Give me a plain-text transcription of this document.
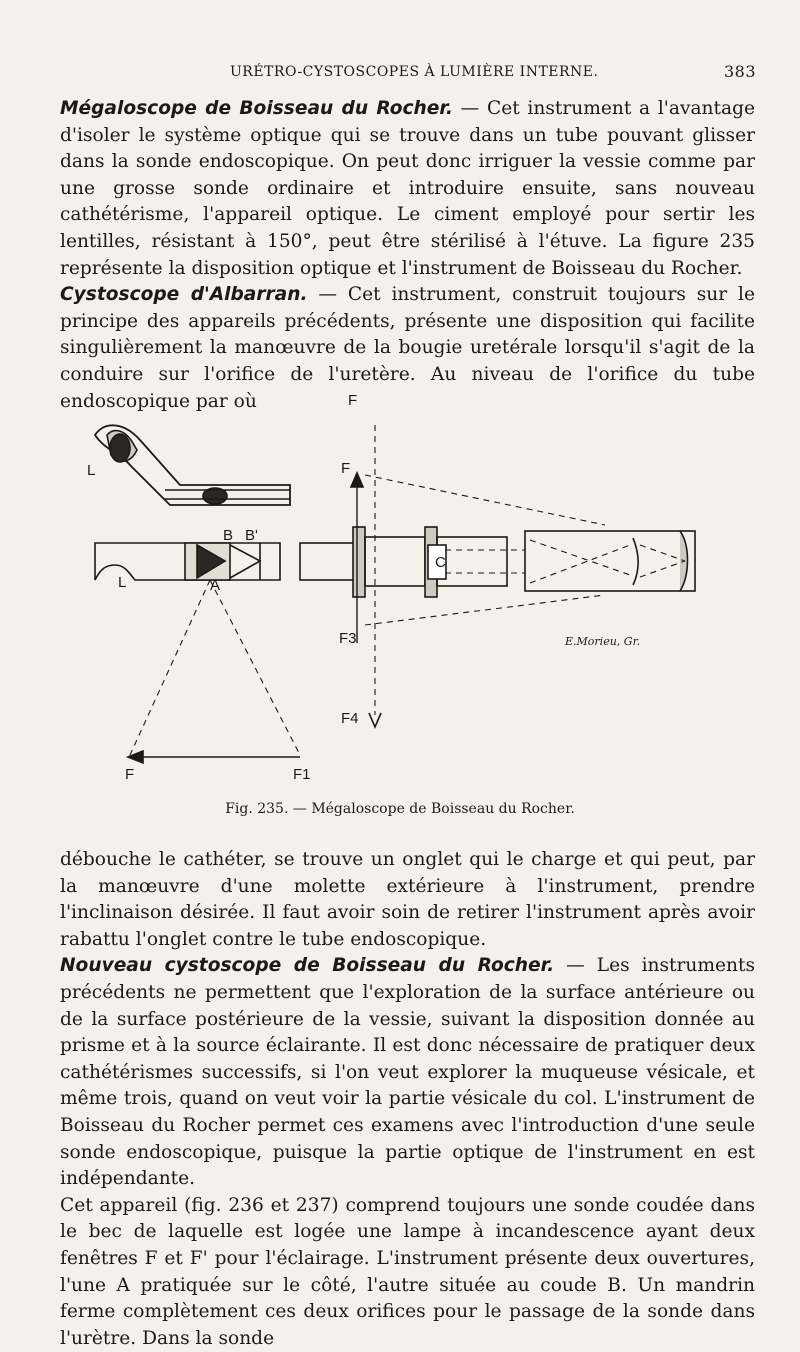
URÉTRO-CYSTOSCOPES À LUMIÈRE INTERNE.	383

Mégaloscope de Boisseau du Rocher. — Cet instrument a l'avantage d'isoler le système optique qui se trouve dans un tube pouvant glisser dans la sonde endoscopique. On peut donc irriguer la vessie comme par une grosse sonde ordinaire et introduire ensuite, sans nouveau cathétérisme, l'appareil optique. Le ciment employé pour sertir les lentilles, résistant à 150°, peut être stérilisé à l'étuve. La figure 235 représente la disposition optique et l'instrument de Boisseau du Rocher.

Cystoscope d'Albarran. — Cet instrument, construit toujours sur le principe des appareils précédents, présente une disposition qui facilite singulièrement la manœuvre de la bougie uretérale lorsqu'il s'agit de la conduire sur l'orifice de l'uretère. Au niveau de l'orifice du tube endoscopique par où

L
L
B B'
A
C
F
F
F3
F4
F	F1
E.Morieu, Gr.
Fig. 235. — Mégaloscope de Boisseau du Rocher.

débouche le cathéter, se trouve un onglet qui le charge et qui peut, par la manœuvre d'une molette extérieure à l'instrument, prendre l'inclinaison désirée. Il faut avoir soin de retirer l'instrument après avoir rabattu l'onglet contre le tube endoscopique.

Nouveau cystoscope de Boisseau du Rocher. — Les instruments précédents ne permettent que l'exploration de la surface antérieure ou de la surface postérieure de la vessie, suivant la disposition donnée au prisme et à la source éclairante. Il est donc nécessaire de pratiquer deux cathétérismes successifs, si l'on veut explorer la muqueuse vésicale, et même trois, quand on veut voir la partie vésicale du col. L'instrument de Boisseau du Rocher permet ces examens avec l'introduction d'une seule sonde endoscopique, puisque la partie optique de l'instrument en est indépendante.

Cet appareil (fig. 236 et 237) comprend toujours une sonde coudée dans le bec de laquelle est logée une lampe à incandescence ayant deux fenêtres F et F' pour l'éclairage. L'instrument présente deux ouvertures, l'une A pratiquée sur le côté, l'autre située au coude B. Un mandrin ferme complètement ces deux orifices pour le passage de la sonde dans l'urètre. Dans la sonde
